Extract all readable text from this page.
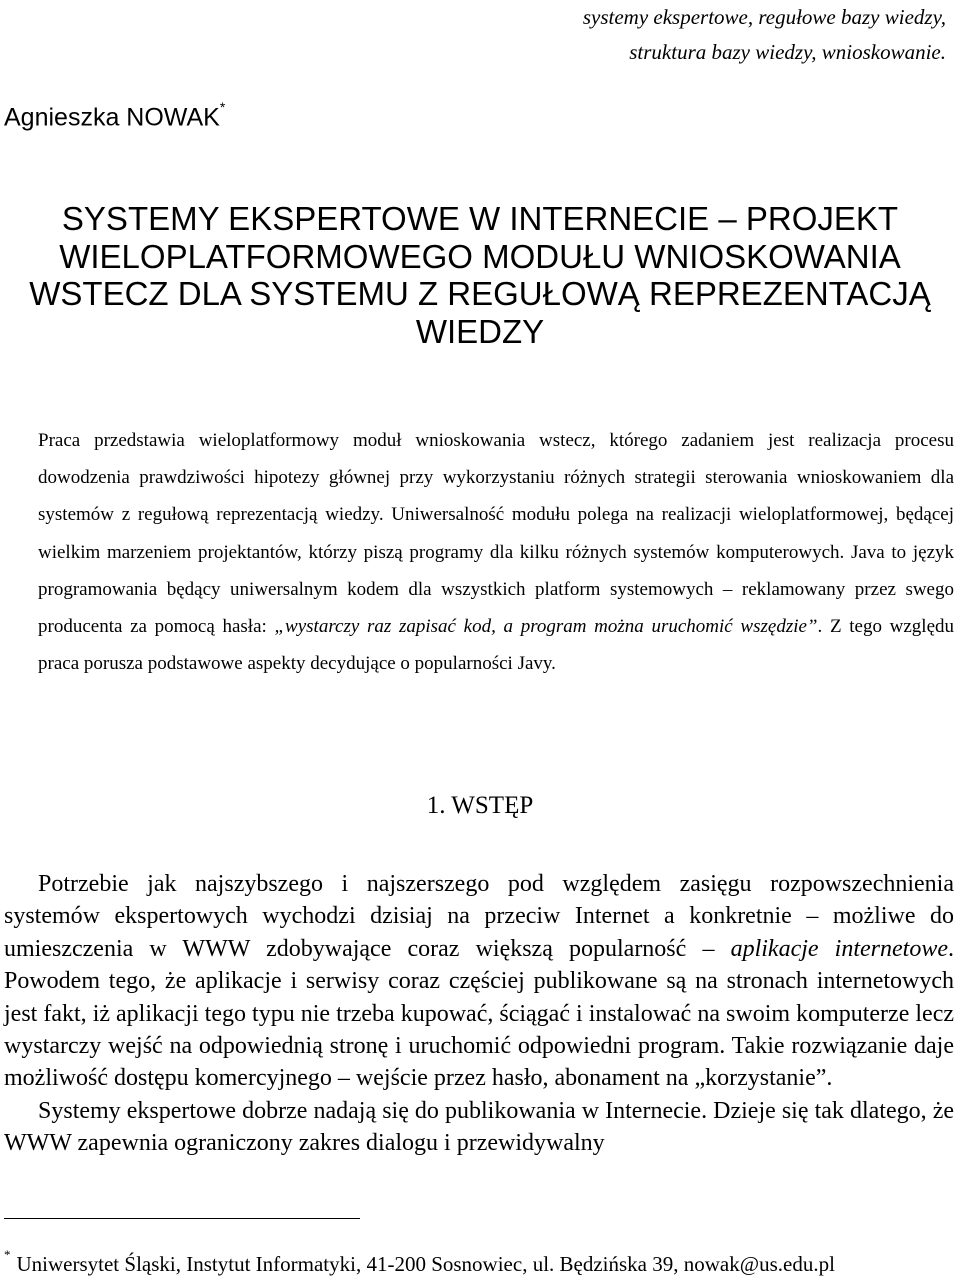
systemy ekspertowe, regułowe bazy wiedzy,
struktura bazy wiedzy, wnioskowanie.
Agnieszka NOWAK*
SYSTEMY EKSPERTOWE W INTERNECIE – PROJEKT
WIELOPLATFORMOWEGO MODUŁU WNIOSKOWANIA
WSTECZ DLA SYSTEMU Z REGUŁOWĄ REPREZENTACJĄ
WIEDZY

Praca przedstawia wieloplatformowy moduł wnioskowania wstecz, którego zadaniem jest realizacja procesu dowodzenia prawdziwości hipotezy głównej przy wykorzystaniu różnych strategii sterowania wnioskowaniem dla systemów z regułową reprezentacją wiedzy. Uniwersalność modułu polega na realizacji wieloplatformowej, będącej wielkim marzeniem projektantów, którzy piszą programy dla kilku różnych systemów komputerowych. Java to język programowania będący uniwersalnym kodem dla wszystkich platform systemowych – reklamowany przez swego producenta za pomocą hasła: „wystarczy raz zapisać kod, a program można uruchomić wszędzie”. Z tego względu praca porusza podstawowe aspekty decydujące o popularności Javy.

1. WSTĘP

Potrzebie jak najszybszego i najszerszego pod względem zasięgu rozpowszechnienia systemów ekspertowych wychodzi dzisiaj na przeciw Internet a konkretnie – możliwe do umieszczenia w WWW zdobywające coraz większą popularność – aplikacje internetowe. Powodem tego, że aplikacje i serwisy coraz częściej publikowane są na stronach internetowych jest fakt, iż aplikacji tego typu nie trzeba kupować, ściągać i instalować na swoim komputerze lecz wystarczy wejść na odpowiednią stronę i uruchomić odpowiedni program. Takie rozwiązanie daje możliwość dostępu komercyjnego – wejście przez hasło, abonament na „korzystanie”.

Systemy ekspertowe dobrze nadają się do publikowania w Internecie. Dzieje się tak dlatego, że WWW zapewnia ograniczony zakres dialogu i przewidywalny

* Uniwersytet Śląski, Instytut Informatyki, 41-200 Sosnowiec, ul. Będzińska 39, nowak@us.edu.pl
